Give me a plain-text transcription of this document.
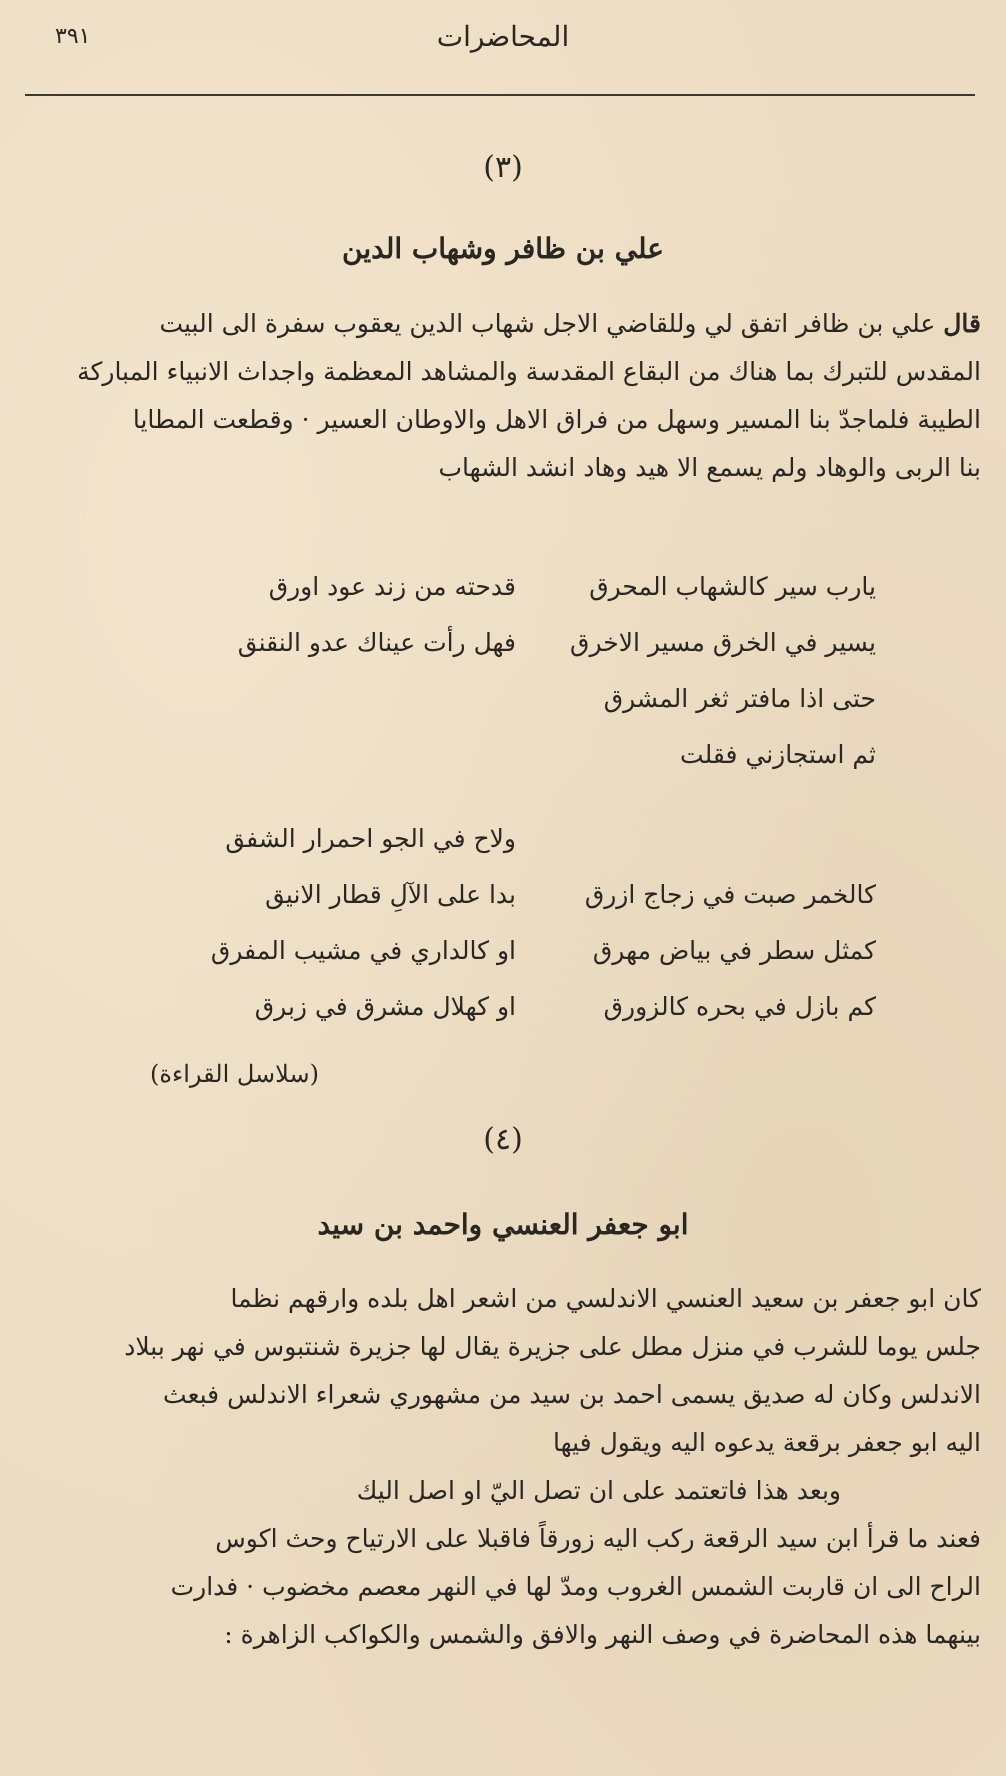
٣٩١	المحاضرات
(٣)
علي بن ظافر وشهاب الدين
قال علي بن ظافر اتفق لي وللقاضي الاجل شهاب الدين يعقوب سفرة الى البيت
المقدس للتبرك بما هناك من البقاع المقدسة والمشاهد المعظمة واجداث الانبياء المباركة
الطيبة فلماجدّ بنا المسير وسهل من فراق الاهل والاوطان العسير · وقطعت المطايا
بنا الربى والوهاد ولم يسمع الا هيد وهاد انشد الشهاب
يارب سير كالشهاب المحرق
قدحته من زند عود اورق
يسير في الخرق مسير الاخرق
فهل رأت عيناك عدو النقنق
حتى اذا مافتر ثغر المشرق
ثم استجازني فقلت
ولاح في الجو احمرار الشفق
كالخمر صبت في زجاج ازرق
بدا على الآلِ قطار الانيق
كمثل سطر في بياض مهرق
او كالداري في مشيب المفرق
كم بازل في بحره كالزورق
او كهلال مشرق في زبرق
(سلاسل القراءة)
(٤)
ابو جعفر العنسي واحمد بن سيد
كان ابو جعفر بن سعيد العنسي الاندلسي من اشعر اهل بلده وارقهم نظما
جلس يوما للشرب في منزل مطل على جزيرة يقال لها جزيرة شنتبوس في نهر ببلاد
الاندلس وكان له صديق يسمى احمد بن سيد من مشهوري شعراء الاندلس فبعث
اليه ابو جعفر برقعة يدعوه اليه ويقول فيها
وبعد هذا فاتعتمد على ان تصل اليّ او اصل اليك
فعند ما قرأ ابن سيد الرقعة ركب اليه زورقاً فاقبلا على الارتياح وحث اكوس
الراح الى ان قاربت الشمس الغروب ومدّ لها في النهر معصم مخضوب · فدارت
بينهما هذه المحاضرة في وصف النهر والافق والشمس والكواكب الزاهرة :
